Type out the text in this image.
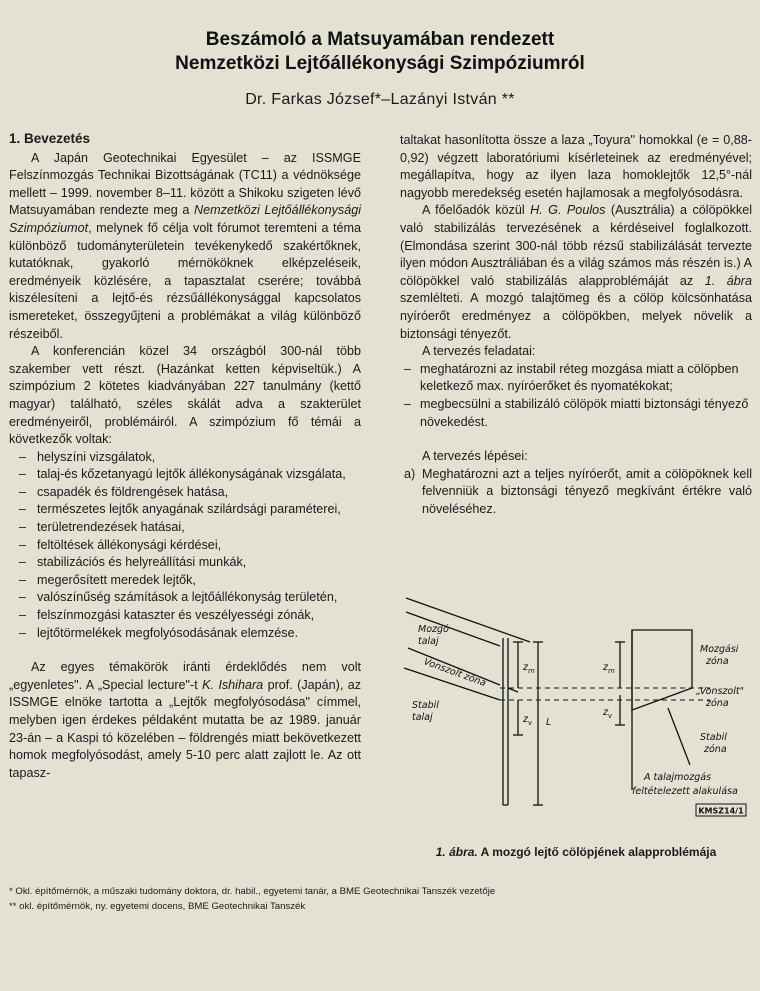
Beszámoló a Matsuyamában rendezett
Nemzetközi Lejtőállékonysági Szimpóziumról
Dr. Farkas József*–Lazányi István **
1. Bevezetés

A Japán Geotechnikai Egyesület – az ISSMGE Felszínmozgás Technikai Bizottságának (TC11) a védnöksége mellett – 1999. november 8–11. között a Shikoku szigeten lévő Matsuyamában rendezte meg a Nemzetközi Lejtőállékonysági Szimpóziumot, melynek fő célja volt fórumot teremteni a téma különböző tudományterületein tevékenykedő szakértőknek, kutatóknak, gyakorló mérnököknek elképzeléseik, eredményeik közlésére, a tapasztalat cserére; továbbá kiszélesíteni a lejtő-és rézsűállékonysággal kapcsolatos ismereteket, összegyűjteni a problémákat a világ különböző részeiből.

A konferencián közel 34 országból 300-nál több szakember vett részt. (Hazánkat ketten képviseltük.) A szimpózium 2 kötetes kiadványában 227 tanulmány (kettő magyar) található, széles skálát adva a szakterület eredményeiről, problémáiról. A szimpózium fő témái a következők voltak:

– helyszíni vizsgálatok,
– talaj-és kőzetanyagú lejtők állékonyságának vizsgálata,
– csapadék és földrengések hatása,
– természetes lejtők anyagának szilárdsági paraméterei,
– területrendezések hatásai,
– feltöltések állékonysági kérdései,
– stabilizációs és helyreállítási munkák,
– megerősített meredek lejtők,
– valószínűség számítások a lejtőállékonyság területén,
– felszínmozgási kataszter és veszélyességi zónák,
– lejtőtörmelékek megfolyósodásának elemzése.

Az egyes témakörök iránti érdeklődés nem volt „egyenletes". A „Special lecture"-t K. Ishihara prof. (Japán), az ISSMGE elnöke tartotta a „Lejtők megfolyósodása" címmel, melyben igen érdekes példaként mutatta be az 1989. január 23-án – a Kaspi tó közelében – földrengés miatt bekövetkezett homok megfolyósodást, amely 5-10 perc alatt zajlott le. Az ott tapasz-

taltakat hasonlította össze a laza „Toyura" homokkal (e = 0,88-0,92) végzett laboratóriumi kísérleteinek az eredményével; megállapítva, hogy az ilyen laza homoklejtők 12,5°-nál nagyobb meredekség esetén hajlamosak a megfolyósodásra.

A főelőadók közül H. G. Poulos (Ausztrália) a cölöpökkel való stabilizálás tervezésének a kérdéseivel foglalkozott. (Elmondása szerint 300-nál több rézsű stabilizálását tervezte ilyen módon Ausztráliában és a világ számos más részén is.) A cölöpökkel való stabilizálás alapproblémáját az 1. ábra szemlélteti. A mozgó talajtömeg és a cölöp kölcsönhatása nyíróerőt eredményez a cölöpökben, melyek növelik a biztonsági tényezőt.

A tervezés feladatai:
– meghatározni az instabil réteg mozgása miatt a cölöpben keletkező max. nyíróerőket és nyomatékokat;
– megbecsülni a stabilizáló cölöpök miatti biztonsági tényező növekedést.
A tervezés lépései:
a) Meghatározni azt a teljes nyíróerőt, amit a cölöpöknek kell felvenniük a biztonsági tényező megkívánt értékre való növeléséhez.
Mozgó
talaj
Vonszolt zóna
Stabil
talaj
$z_m$
$z_v$ L
$z_m$
$z_v$
Mozgási
zóna
„Vonszolt"
zóna
Stabil
zóna
A talajmozgás
feltételezett alakulása
KMSZ14/1
1. ábra. A mozgó lejtő cölöpjének alapproblémája
* Okl. építőmérnök, a műszaki tudomány doktora, dr. habil., egyetemi tanár, a BME Geotechnikai Tanszék vezetője
** okl. építőmérnök, ny. egyetemi docens, BME Geotechnikai Tanszék
